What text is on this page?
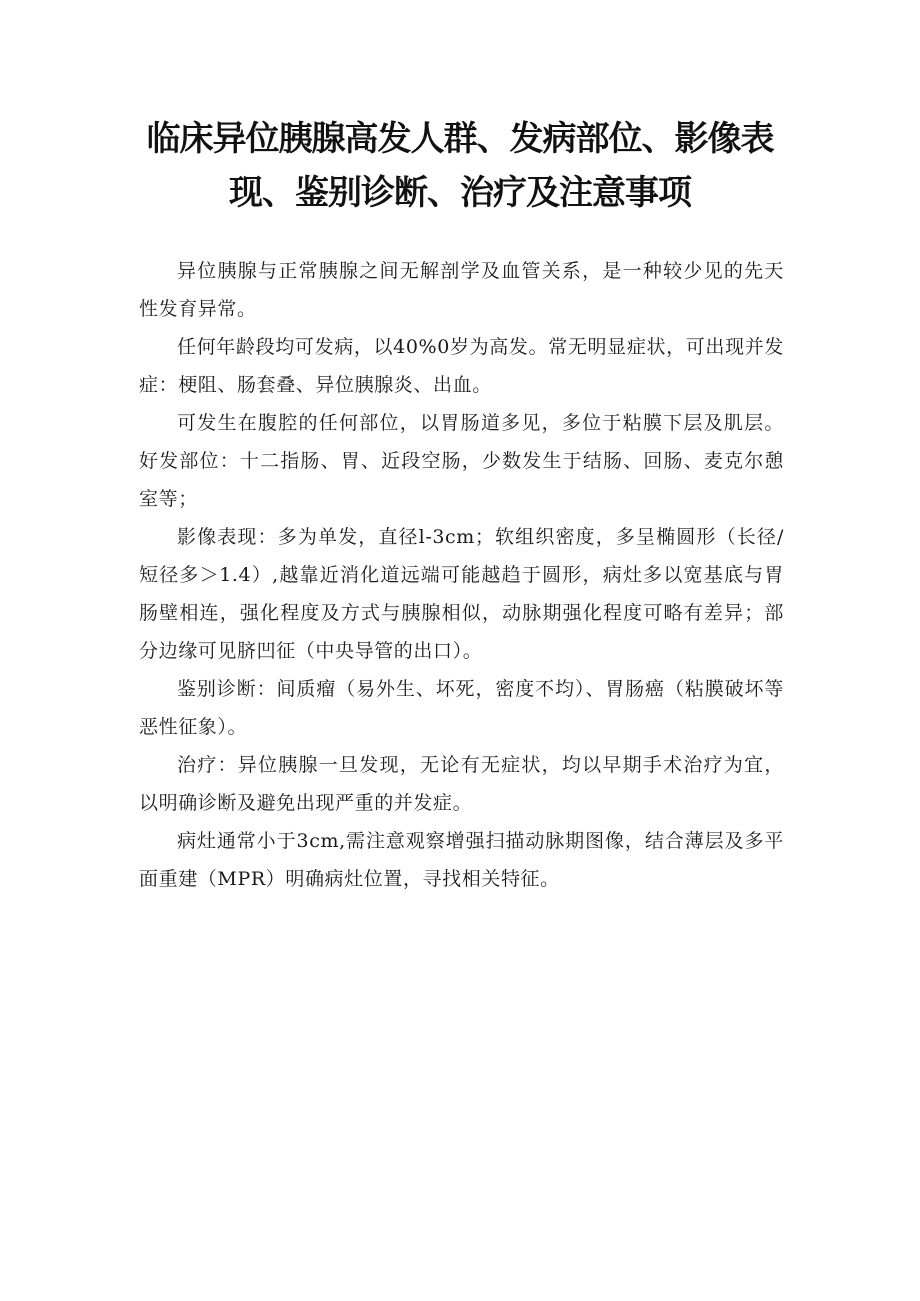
临床异位胰腺高发人群、发病部位、影像表
现、鉴别诊断、治疗及注意事项

异位胰腺与正常胰腺之间无解剖学及血管关系，是一种较少见的先天性发育异常。

任何年龄段均可发病，以40%0岁为高发。常无明显症状，可出现并发症：梗阻、肠套叠、异位胰腺炎、出血。

可发生在腹腔的任何部位，以胃肠道多见，多位于粘膜下层及肌层。好发部位：十二指肠、胃、近段空肠，少数发生于结肠、回肠、麦克尔憩室等；

影像表现：多为单发，直径l-3cm；软组织密度，多呈椭圆形（长径/短径多＞1.4）,越靠近消化道远端可能越趋于圆形，病灶多以宽基底与胃肠壁相连，强化程度及方式与胰腺相似，动脉期强化程度可略有差异；部分边缘可见脐凹征（中央导管的出口）。

鉴别诊断：间质瘤（易外生、坏死，密度不均）、胃肠癌（粘膜破坏等恶性征象）。

治疗：异位胰腺一旦发现，无论有无症状，均以早期手术治疗为宜，以明确诊断及避免出现严重的并发症。

病灶通常小于3cm,需注意观察增强扫描动脉期图像，结合薄层及多平面重建（MPR）明确病灶位置，寻找相关特征。
